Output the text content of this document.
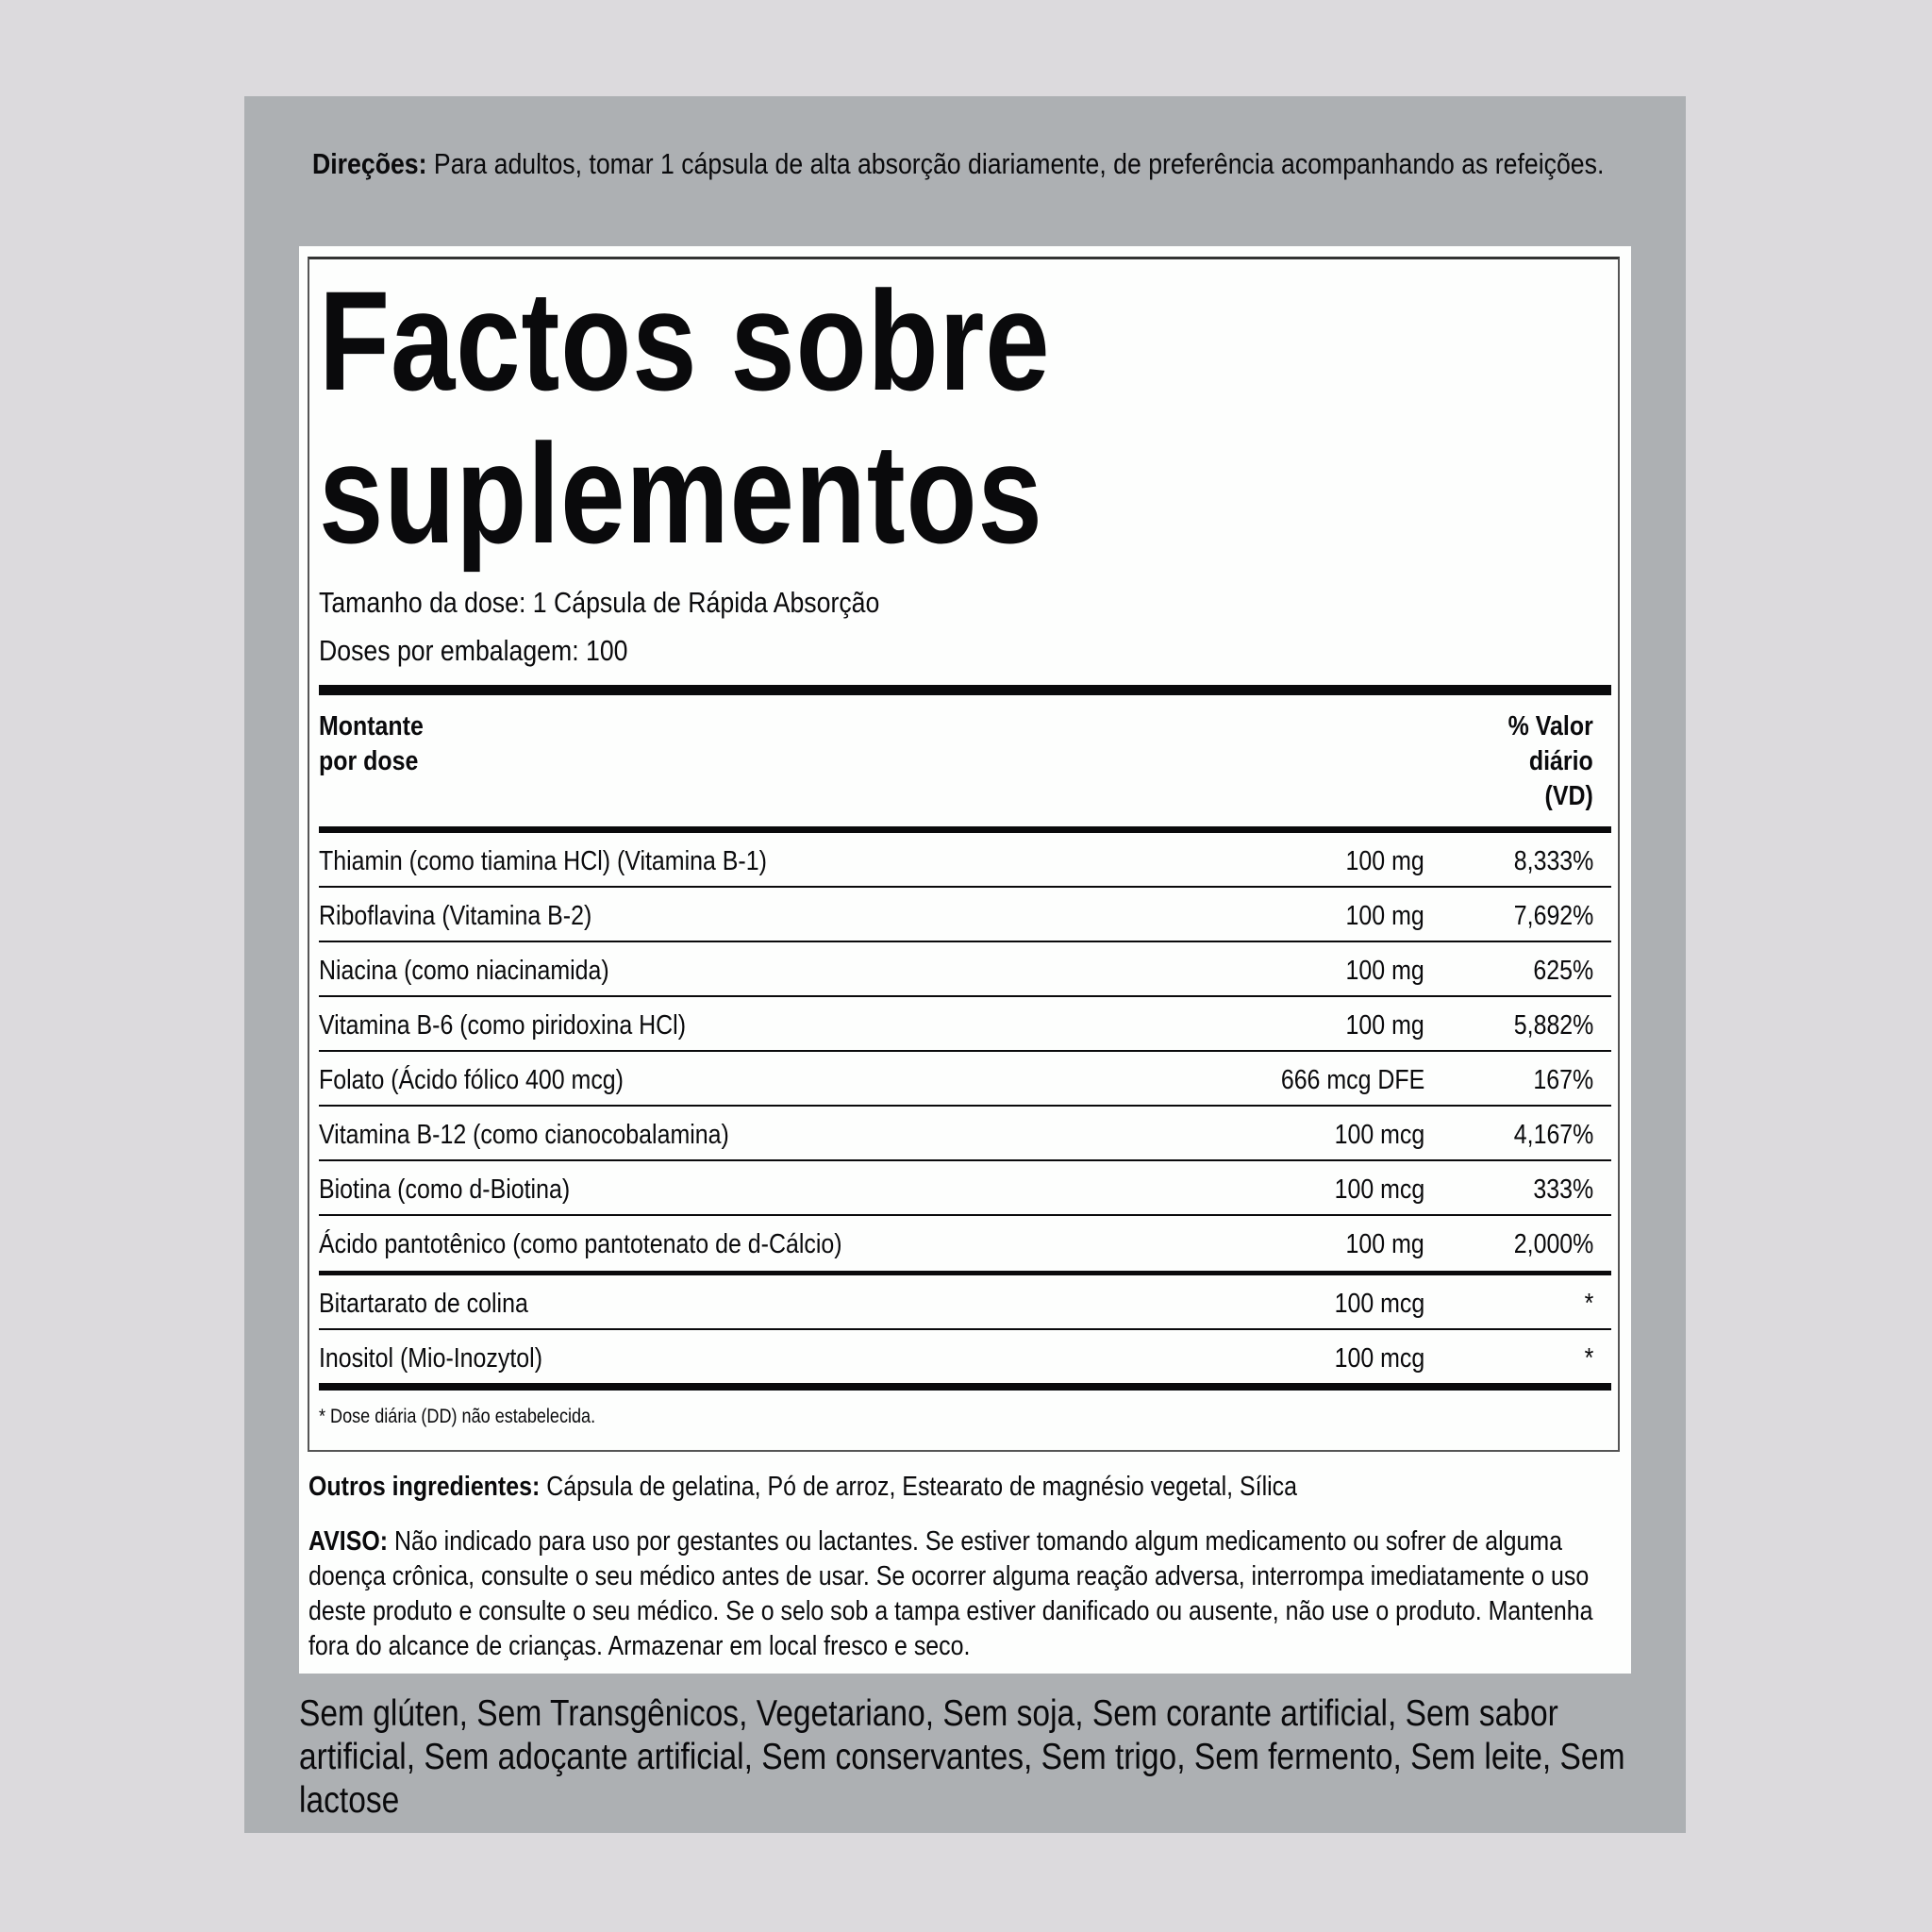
Direções: Para adultos, tomar 1 cápsula de alta absorção diariamente, de preferência acompanhando as refeições.
Factos sobre
suplementos
Tamanho da dose: 1 Cápsula de Rápida Absorção
Doses por embalagem: 100
Montante
por dose
% Valor
diário
(VD)
Thiamin (como tiamina HCl) (Vitamina B-1)	100 mg	8,333%
Riboflavina (Vitamina B-2)	100 mg	7,692%
Niacina (como niacinamida)	100 mg	625%
Vitamina B-6 (como piridoxina HCl)	100 mg	5,882%
Folato (Ácido fólico 400 mcg)	666 mcg DFE	167%
Vitamina B-12 (como cianocobalamina)	100 mcg	4,167%
Biotina (como d-Biotina)	100 mcg	333%
Ácido pantotênico (como pantotenato de d-Cálcio)	100 mg	2,000%
Bitartarato de colina	100 mcg	*
Inositol (Mio-Inozytol)	100 mcg	*
* Dose diária (DD) não estabelecida.
Outros ingredientes: Cápsula de gelatina, Pó de arroz, Estearato de magnésio vegetal, Sílica
AVISO: Não indicado para uso por gestantes ou lactantes. Se estiver tomando algum medicamento ou sofrer de alguma doença crônica, consulte o seu médico antes de usar. Se ocorrer alguma reação adversa, interrompa imediatamente o uso deste produto e consulte o seu médico. Se o selo sob a tampa estiver danificado ou ausente, não use o produto. Mantenha fora do alcance de crianças. Armazenar em local fresco e seco.
Sem glúten, Sem Transgênicos, Vegetariano, Sem soja, Sem corante artificial, Sem sabor artificial, Sem adoçante artificial, Sem conservantes, Sem trigo, Sem fermento, Sem leite, Sem lactose
